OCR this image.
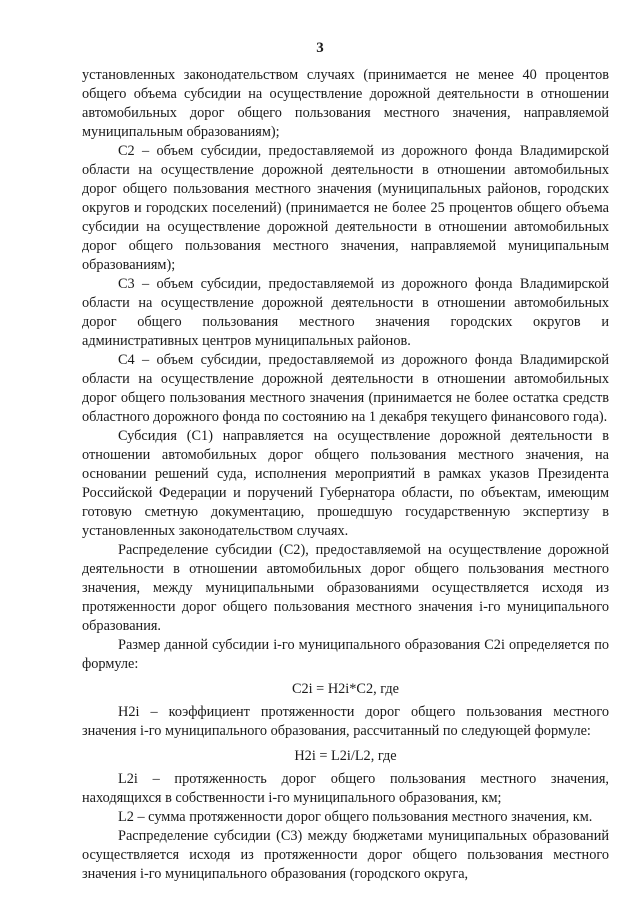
3

установленных законодательством случаях (принимается не менее 40 процентов общего объема субсидии на осуществление дорожной деятельности в отношении автомобильных дорог общего пользования местного значения, направляемой муниципальным образованиям);

С2 – объем субсидии, предоставляемой из дорожного фонда Владимирской области на осуществление дорожной деятельности в отношении автомобильных дорог общего пользования местного значения (муниципальных районов, городских округов и городских поселений) (принимается не более 25 процентов общего объема субсидии на осуществление дорожной деятельности в отношении автомобильных дорог общего пользования местного значения, направляемой муниципальным образованиям);

С3 – объем субсидии, предоставляемой из дорожного фонда Владимирской области на осуществление дорожной деятельности в отношении автомобильных дорог общего пользования местного значения городских округов и административных центров муниципальных районов.

С4 – объем субсидии, предоставляемой из дорожного фонда Владимирской области на осуществление дорожной деятельности в отношении автомобильных дорог общего пользования местного значения (принимается не более остатка средств областного дорожного фонда по состоянию на 1 декабря текущего финансового года).

Субсидия (С1) направляется на осуществление дорожной деятельности в отношении автомобильных дорог общего пользования местного значения, на основании решений суда, исполнения мероприятий в рамках указов Президента Российской Федерации и поручений Губернатора области, по объектам, имеющим готовую сметную документацию, прошедшую государственную экспертизу в установленных законодательством случаях.

Распределение субсидии (С2), предоставляемой на осуществление дорожной деятельности в отношении автомобильных дорог общего пользования местного значения, между муниципальными образованиями осуществляется исходя из протяженности дорог общего пользования местного значения i-го муниципального образования.

Размер данной субсидии i-го муниципального образования С2i определяется по формуле:

С2i = Н2i*С2, где

Н2i – коэффициент протяженности дорог общего пользования местного значения i-го муниципального образования, рассчитанный по следующей формуле:

Н2i = L2i/L2, где

L2i – протяженность дорог общего пользования местного значения, находящихся в собственности i-го муниципального образования, км;

L2 – сумма протяженности дорог общего пользования местного значения, км.

Распределение субсидии (С3) между бюджетами муниципальных образований осуществляется исходя из протяженности дорог общего пользования местного значения i-го муниципального образования (городского округа,
